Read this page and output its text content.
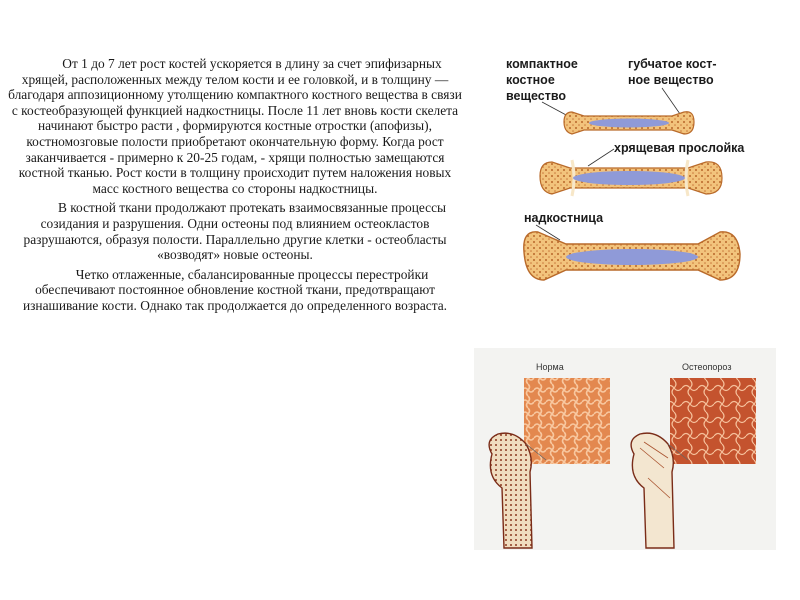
От 1 до 7 лет рост костей ускоряется в длину за счет эпифизарных хрящей, расположенных между телом кости и ее головкой, и в толщину — благодаря аппозиционному утолщению компактного костного вещества в связи с костеобразующей функцией надкостницы. После 11 лет вновь кости скелета начинают быстро расти , формируются костные отростки (апофизы), костномозговые полости приобретают окончательную форму. Когда рост заканчивается - примерно к 20-25 годам, - хрящи полностью замещаются костной тканью. Рост кости в толщину происходит путем наложения новых масс костного вещества со стороны надкостницы.

В костной ткани продолжают протекать взаимосвязанные процессы созидания и разрушения. Одни остеоны под влиянием остеокластов разрушаются, образуя полости. Параллельно другие клетки - остеобласты «возводят» новые остеоны.

Четко отлаженные, сбалансированные процессы перестройки обеспечивают постоянное обновление костной ткани, предотвращают изнашивание кости. Однако так продолжается до определенного возраста.

компактное
костное
вещество
губчатое кост-
ное вещество
хрящевая прослойка
надкостница
Норма	Остеопороз
